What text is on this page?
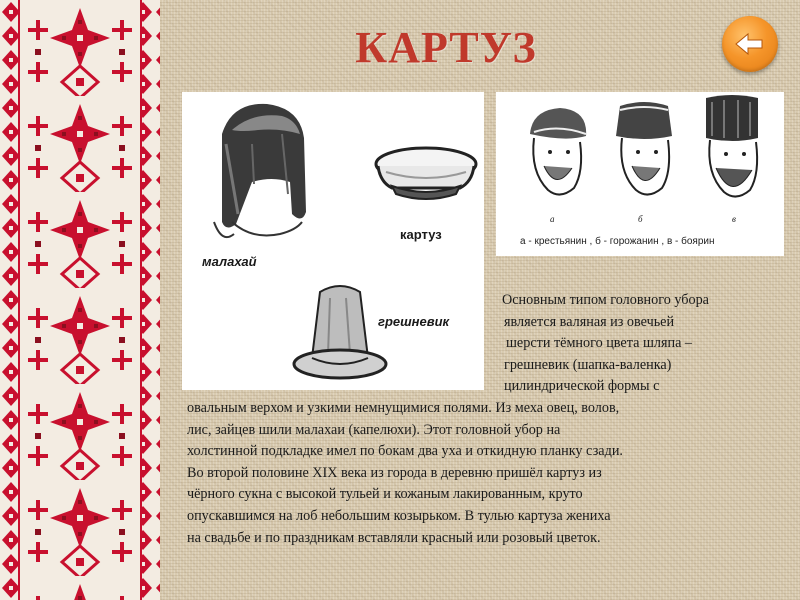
КАРТУЗ
малахай
картуз
грешневик
а	б	в
а - крестьянин , б - горожанин , в - боярин
Основным типом головного убора
является валяная из овечьей
шерсти тёмного цвета шляпа –
грешневик (шапка-валенка)
цилиндрической формы с
овальным верхом и узкими немнущимися полями. Из меха овец, волов,
лис, зайцев шили малахаи (капелюхи). Этот головной убор на
холстинной подкладке имел по бокам два уха и откидную планку сзади.
Во второй половине XIX века из города в деревню пришёл картуз из
чёрного сукна с высокой тульей и кожаным лакированным, круто
опускавшимся на лоб небольшим козырьком. В тулью картуза жениха
на свадьбе и по праздникам вставляли красный или розовый цветок.
